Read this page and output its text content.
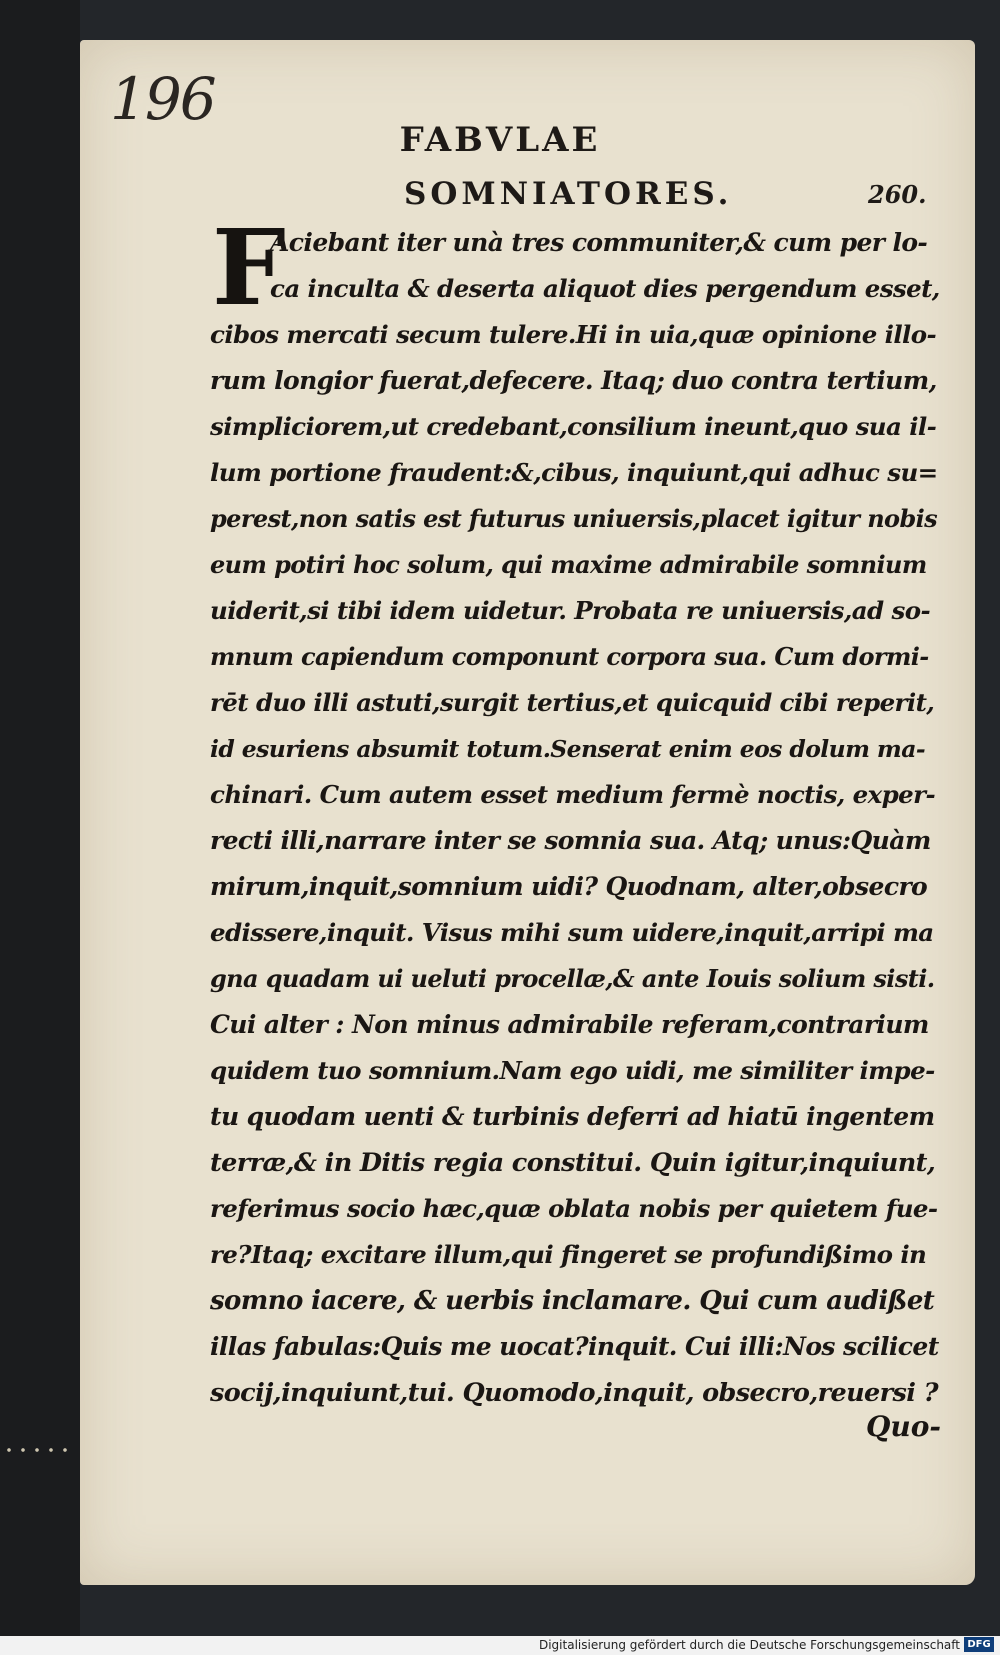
196
FABVLAE
SOMNIATORES.	260.
F
Aciebant iter unà tres communiter,& cum per lo-
ca inculta & deserta aliquot dies pergendum esset,
cibos mercati secum tulere.Hi in uia,quæ opinione illo-
rum longior fuerat,defecere. Itaq; duo contra tertium,
simpliciorem,ut credebant,consilium ineunt,quo sua il-
lum portione fraudent:&,cibus, inquiunt,qui adhuc su=
perest,non satis est futurus uniuersis,placet igitur nobis
eum potiri hoc solum, qui maxime admirabile somnium
uiderit,si tibi idem uidetur. Probata re uniuersis,ad so-
mnum capiendum componunt corpora sua. Cum dormi-
rēt duo illi astuti,surgit tertius,et quicquid cibi reperit,
id esuriens absumit totum.Senserat enim eos dolum ma-
chinari. Cum autem esset medium fermè noctis, exper-
recti illi,narrare inter se somnia sua. Atq; unus:Quàm
mirum,inquit,somnium uidi? Quodnam, alter,obsecro
edissere,inquit. Visus mihi sum uidere,inquit,arripi ma
gna quadam ui ueluti procellæ,& ante Iouis solium sisti.
Cui alter : Non minus admirabile referam,contrarium
quidem tuo somnium.Nam ego uidi, me similiter impe-
tu quodam uenti & turbinis deferri ad hiatū ingentem
terræ,& in Ditis regia constitui. Quin igitur,inquiunt,
referimus socio hæc,quæ oblata nobis per quietem fue-
re?Itaq; excitare illum,qui fingeret se profundißimo in
somno iacere, & uerbis inclamare. Qui cum audißet
illas fabulas:Quis me uocat?inquit. Cui illi:Nos scilicet
socij,inquiunt,tui. Quomodo,inquit, obsecro,reuersi ?
Quo-
Digitalisierung gefördert durch die Deutsche Forschungsgemeinschaft DFG
